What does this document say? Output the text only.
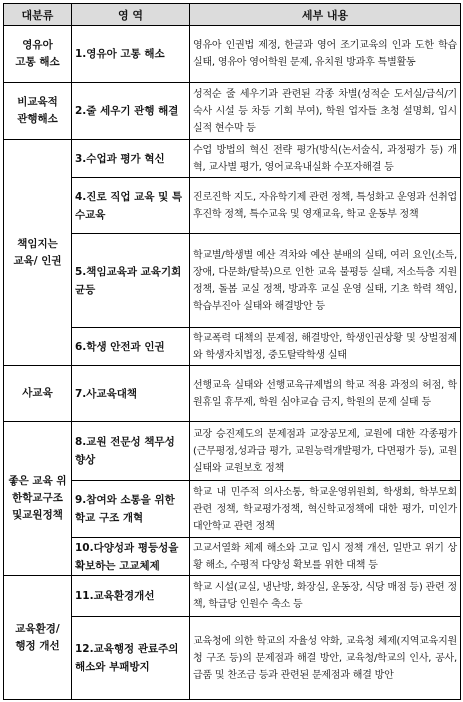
대분류	영 역	세부 내용

영유아
고통 해소	1.영유아 고통 해소	영유아 인권법 제정, 한글과 영어 조기교육의 인과 도한 학습 실태, 영유아 영어학원 문제, 유치원 방과후 특별활동

비교육적
관행해소	2.줄 세우기 관행 해결	성적순 줄 세우기과 관련된 각종 차별(성적순 도서실/급식/기숙사 시설 등 차등 기회 부여), 학원 업자들 초청 설명회, 입시 실적 현수막 등

책임지는
교육/ 인권	3.수업과 평가 혁신	수업 방법의 혁신 전략 평가(방식(논서술식, 과정평가 등) 개혁, 교사별 평가, 영어교육내실화 수포자해결 등
	4.진로 직업 교육 및 특수교육	진로진학 지도, 자유학기제 관련 정책, 특성화고 운영과 선취업 후진학 정책, 특수교육 및 영재교육, 학교 운동부 정책
	5.책임교육과 교육기회균등	학교별/학생별 예산 격차와 예산 분배의 실태, 여러 요인(소득, 장애, 다문화/탈북)으로 인한 교육 불평등 실태, 저소득층 지원 정책, 돌봄 교실 정책, 방과후 교실 운영 실태, 기초 학력 책임, 학습부진아 실태와 해결방안 등
	6.학생 안전과 인권	학교폭력 대책의 문제점, 해결방안, 학생인권상황 및 상벌점제와 학생자치법정, 중도탈락학생 실태

사교육	7.사교육대책	선행교육 실태와 선행교육규제법의 학교 적용 과정의 허점, 학원휴일 휴무제, 학원 심야교습 금지, 학원의 문제 실태 등

좋은 교육 위
한학교구조
및교원정책	8.교원 전문성 책무성 향상	교장 승진제도의 문제점과 교장공모제, 교원에 대한 각종평가(근무평정,성과급 평가, 교원능력개발평가, 다면평가 등), 교원 실태와 교원보호 정책
	9.참여와 소통을 위한 학교 구조 개혁	학교 내 민주적 의사소통, 학교운영위원회, 학생회, 학부모회 관련 정책, 학교평가정책, 혁신학교정책에 대한 평가, 미인가 대안학교 관련 정책
	10.다양성과 평등성을 확보하는 고교체제	고교서열화 체제 해소와 고교 입시 정책 개선, 일반고 위기 상황 해소, 수평적 다양성 확보를 위한 대책 등

교육환경/
행정 개선	11.교육환경개선	학교 시설(교실, 냉난방, 화장실, 운동장, 식당 매점 등) 관련 정책, 학급당 인원수 축소 등
	12.교육행정 관료주의 해소와 부패방지	교육청에 의한 학교의 자율성 약화, 교육청 체제(지역교육지원청 구조 등)의 문제점과 해결 방안, 교육청/학교의 인사, 공사, 급품 및 찬조금 등과 관련된 문제점과 해결 방안
